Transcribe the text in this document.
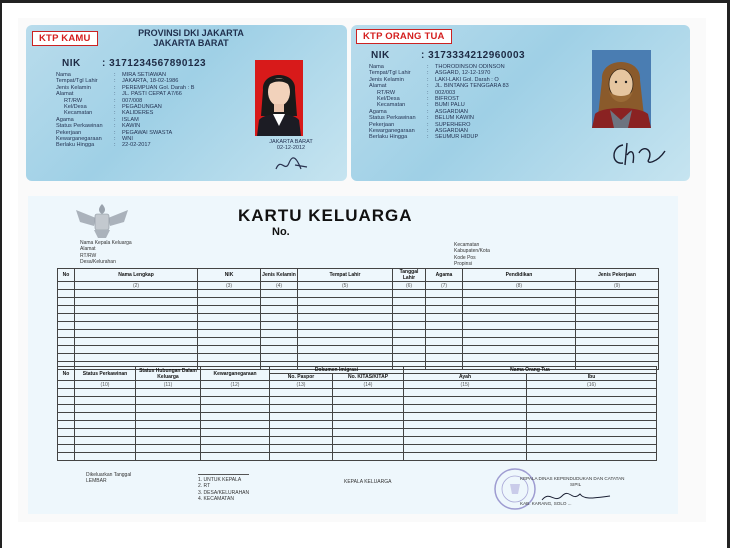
KTP KAMU	PROVINSI DKI JAKARTA
JAKARTA BARAT
NIK : 3171234567890123
Nama	: MIRA SETIAWAN
Tempat/Tgl Lahir	: JAKARTA, 18-02-1986
Jenis Kelamin	: PEREMPUAN Gol. Darah : B
Alamat	: JL. PASTI CEPAT A7/66
RT/RW	: 007/008
Kel/Desa	: PEGADUNGAN
Kecamatan	: KALIDERES
Agama	: ISLAM
Status Perkawinan : KAWIN
Pekerjaan	: PEGAWAI SWASTA
Kewarganegaraan : WNI
Berlaku Hingga	: 22-02-2017
JAKARTA BARAT
02-12-2012
KTP ORANG TUA
NIK	: 3173334212960003
Nama	: THORODINSON ODINSON
Tempat/Tgl Lahir	: ASGARD, 12-12-1970
Jenis Kelamin	: LAKI-LAKI Gol. Darah : O
Alamat	: JL. BINTANG TENGGARA 83
RT/RW	: 002/003
Kel/Desa	: BIFROST
Kecamatan	: BUMI PALU
Agama	: ASGARDIAN
Status Perkawinan : BELUM KAWIN
Pekerjaan	: SUPERHERO
Kewarganegaraan : ASGARDIAN
Berlaku Hingga	: SEUMUR HIDUP
KARTU KELUARGA
No.
Nama Kepala Keluarga
Alamat
RT/RW
Desa/Kelurahan
Kecamatan
Kabupaten/Kota
Kode Pos
Propinsi
No	Nama Lengkap	NIK	Jenis Kelamin	Tempat Lahir	Tanggal Lahir	Agama	Pendidikan	Jenis Pekerjaan
	(2)	(3)	(4)	(5)	(6)	(7)	(8)	(9)

No	Status Perkawinan	Status Hubungan Dalam Keluarga	Kewarganegaraan	Dokumen Imigrasi		Nama Orang Tua	
				No. Paspor	No. KITAS/KITAP	Ayah	Ibu
	(10)	(11)	(12)	(13)	(14)	(15)	(16)

Dikeluarkan Tanggal
LEMBAR	1. UNTUK KEPALA
2. RT
3. DESA/KELURAHAN
4. KECAMATAN
KEPALA KELUARGA
KEPALA DINAS KEPENDUDUKAN DAN CATATAN
SIPIL
KAB. KARANG, SOLO ...
